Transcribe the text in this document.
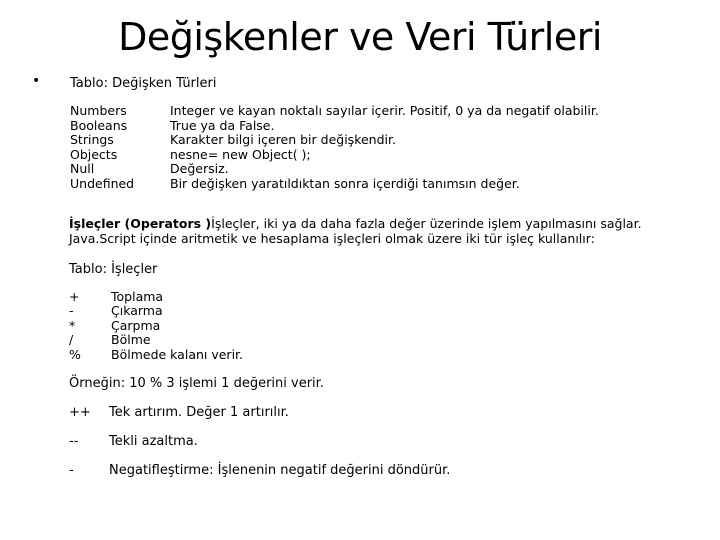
Değişkenler ve Veri Türleri
• Tablo: Değişken Türleri
Numbers	Integer ve kayan noktalı sayılar içerir. Positif, 0 ya da negatif olabilir.
Booleans	True ya da False.
Strings	Karakter bilgi içeren bir değişkendir.
Objects	nesne= new Object( );
Null	Değersiz.
Undefined	Bir değişken yaratıldıktan sonra içerdiği tanımsın değer.
İşleçler (Operators )İşleçler, iki ya da daha fazla değer üzerinde işlem yapılmasını sağlar. Java.Script içinde aritmetik ve hesaplama işleçleri olmak üzere iki tür işleç kullanılır:
Tablo: İşleçler
+	Toplama
-	Çıkarma
*	Çarpma
/	Bölme
%	Bölmede kalanı verir.
Örneğin: 10 % 3 işlemi 1 değerini verir.
++	Tek artırım. Değer 1 artırılır.
--	Tekli azaltma.
-	Negatifleştirme: İşlenenin negatif değerini döndürür.
